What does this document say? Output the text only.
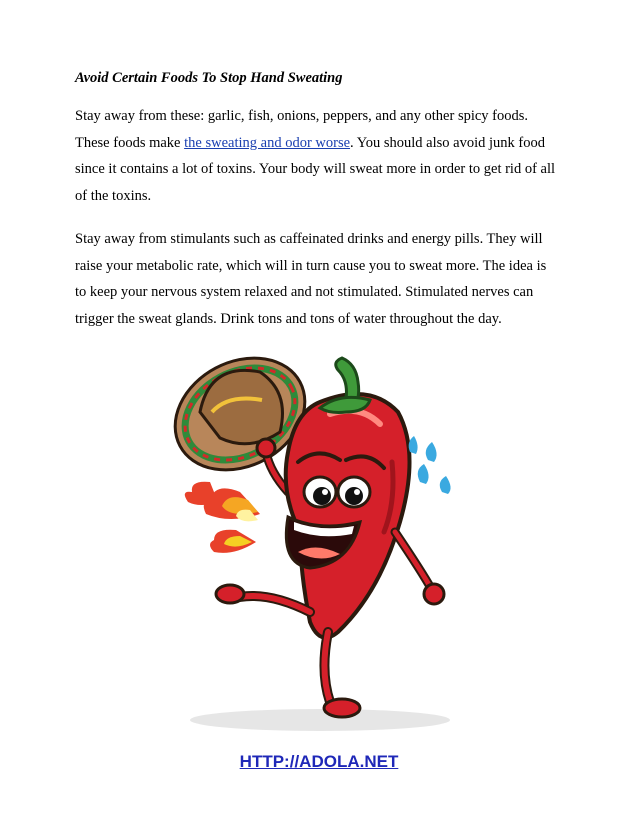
Avoid Certain Foods To Stop Hand Sweating

Stay away from these: garlic, fish, onions, peppers, and any other spicy foods.
These foods make the sweating and odor worse. You should also avoid junk food
since it contains a lot of toxins. Your body will sweat more in order to get rid of all
of the toxins.

Stay away from stimulants such as caffeinated drinks and energy pills. They will
raise your metabolic rate, which will in turn cause you to sweat more. The idea is
to keep your nervous system relaxed and not stimulated. Stimulated nerves can
trigger the sweat glands. Drink tons and tons of water throughout the day.

HTTP://ADOLA.NET
